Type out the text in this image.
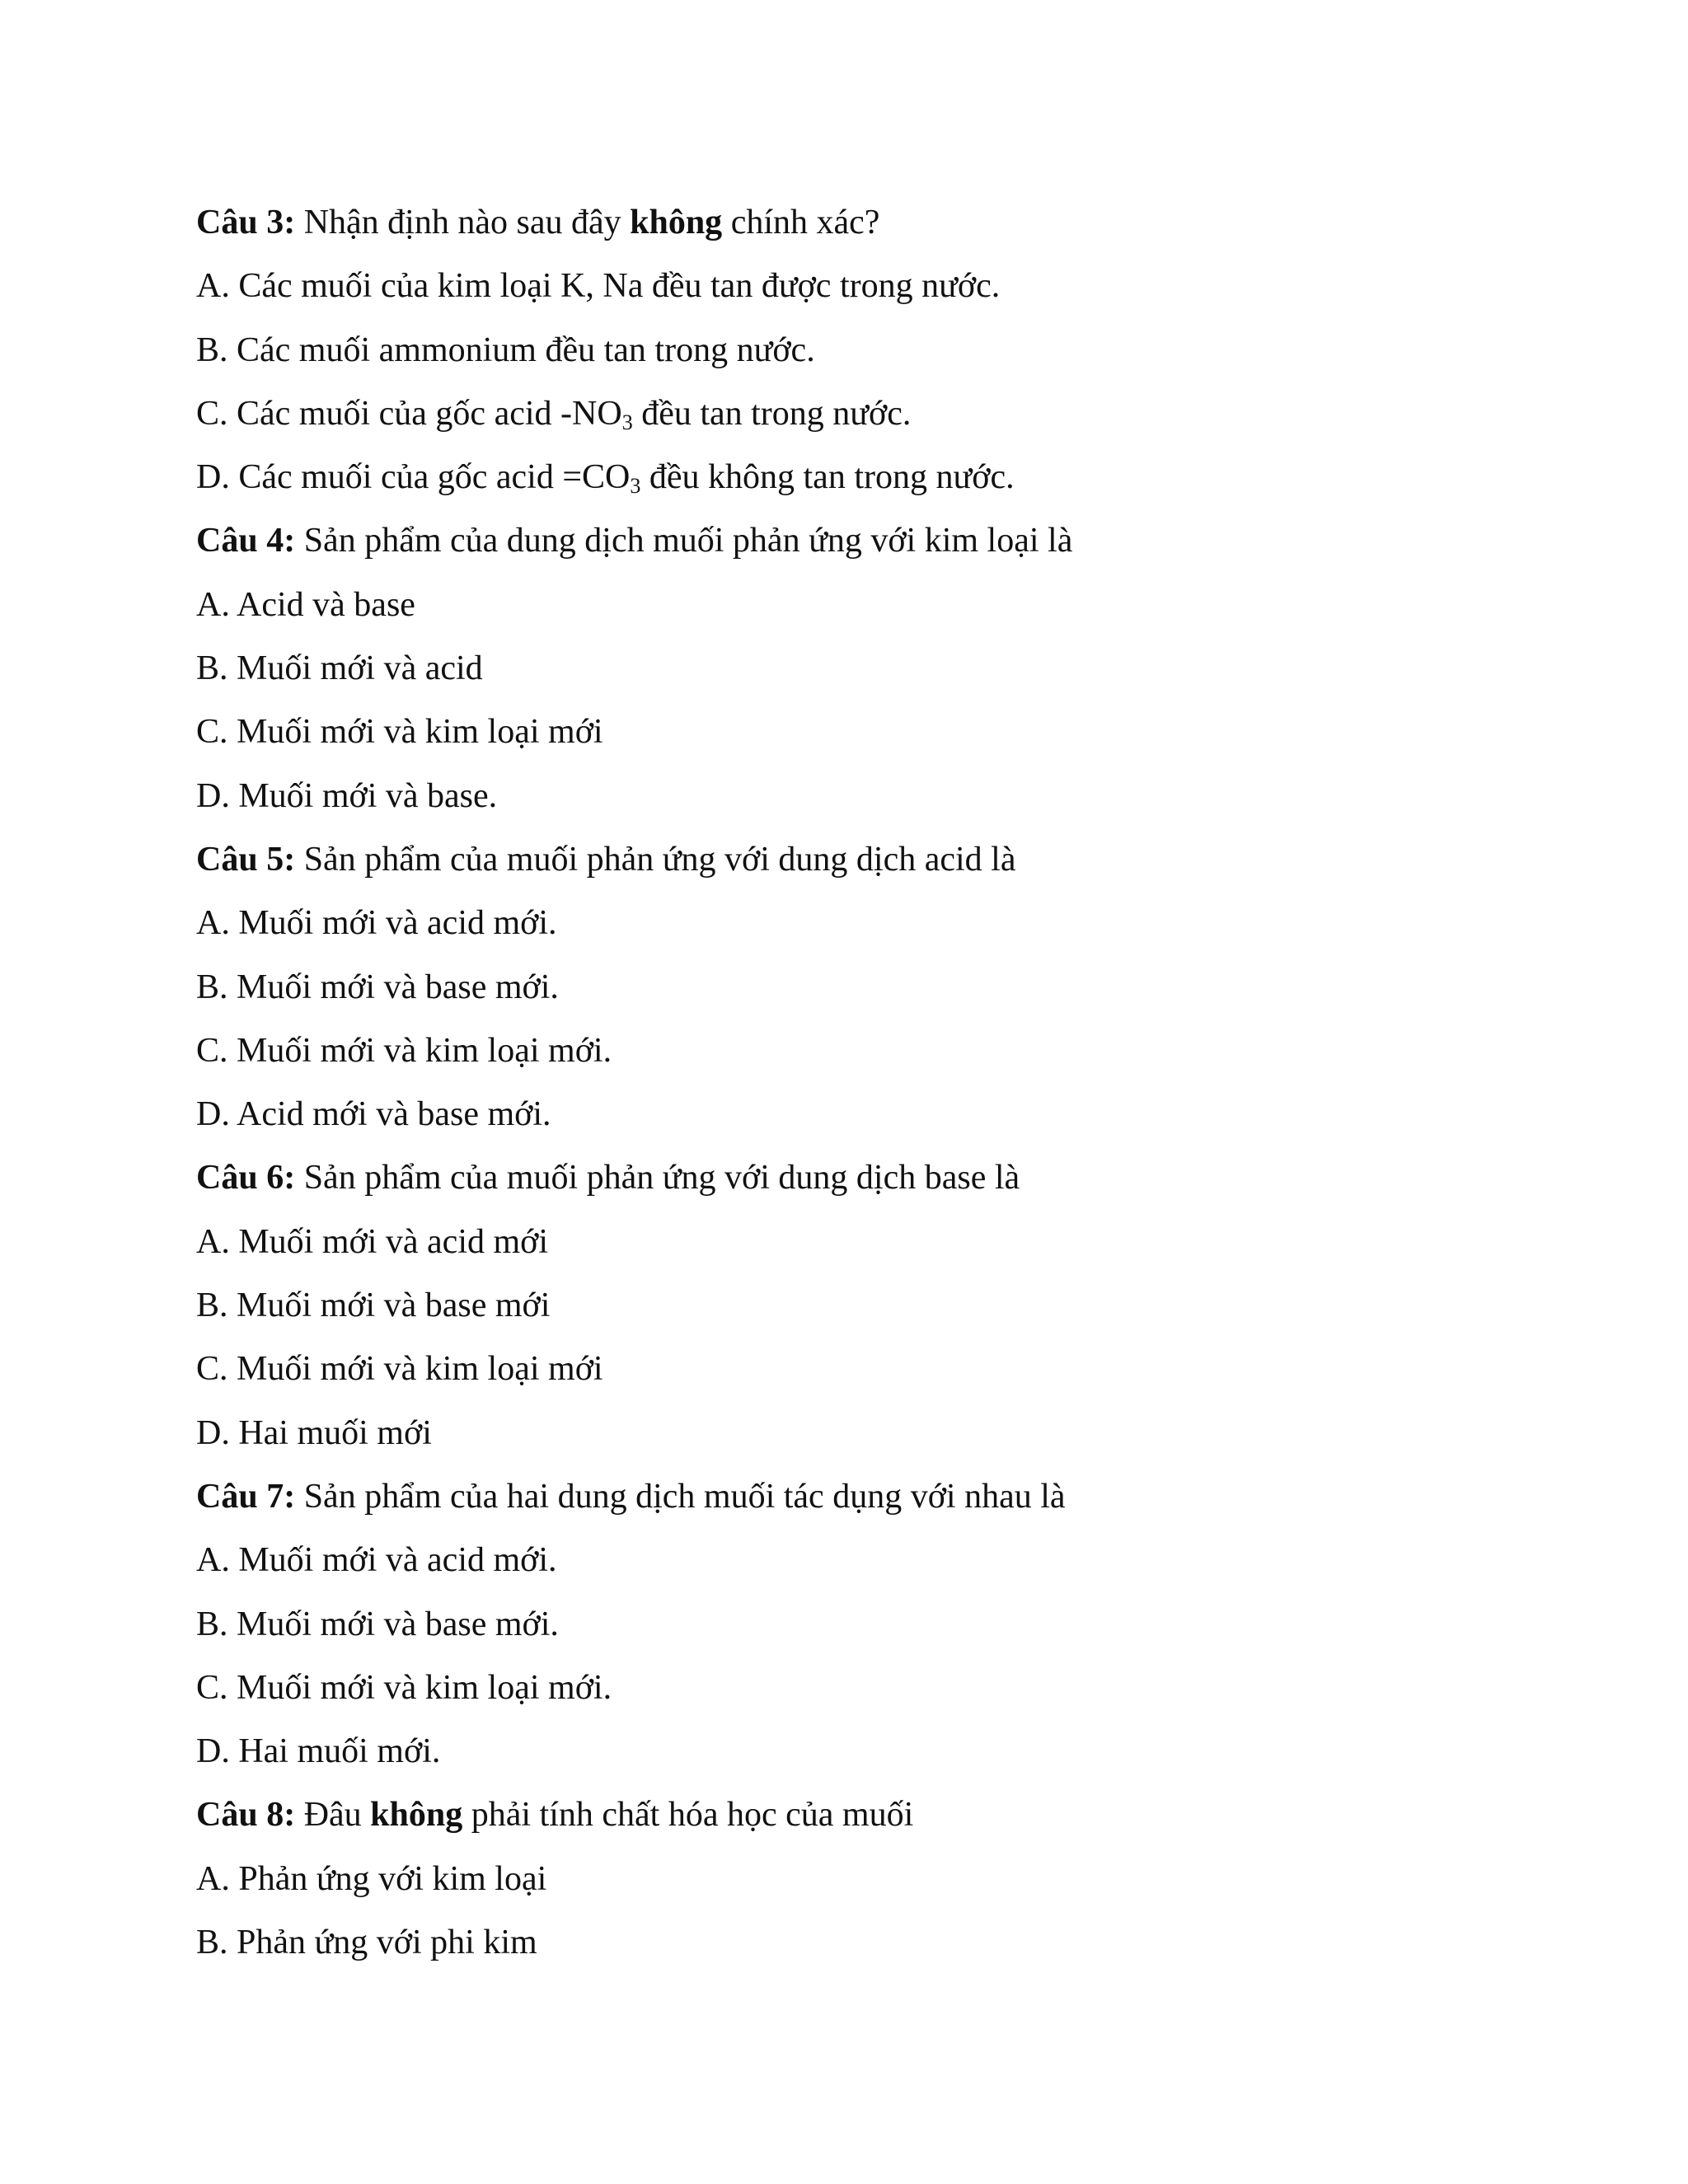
Câu 3: Nhận định nào sau đây không chính xác?
A. Các muối của kim loại K, Na đều tan được trong nước.
B. Các muối ammonium đều tan trong nước.
C. Các muối của gốc acid $-NO_3$ đều tan trong nước.
D. Các muối của gốc acid $=CO_3$ đều không tan trong nước.
Câu 4: Sản phẩm của dung dịch muối phản ứng với kim loại là
A. Acid và base
B. Muối mới và acid
C. Muối mới và kim loại mới
D. Muối mới và base.
Câu 5: Sản phẩm của muối phản ứng với dung dịch acid là
A. Muối mới và acid mới.
B. Muối mới và base mới.
C. Muối mới và kim loại mới.
D. Acid mới và base mới.
Câu 6: Sản phẩm của muối phản ứng với dung dịch base là
A. Muối mới và acid mới
B. Muối mới và base mới
C. Muối mới và kim loại mới
D. Hai muối mới
Câu 7: Sản phẩm của hai dung dịch muối tác dụng với nhau là
A. Muối mới và acid mới.
B. Muối mới và base mới.
C. Muối mới và kim loại mới.
D. Hai muối mới.
Câu 8: Đâu không phải tính chất hóa học của muối
A. Phản ứng với kim loại
B. Phản ứng với phi kim
